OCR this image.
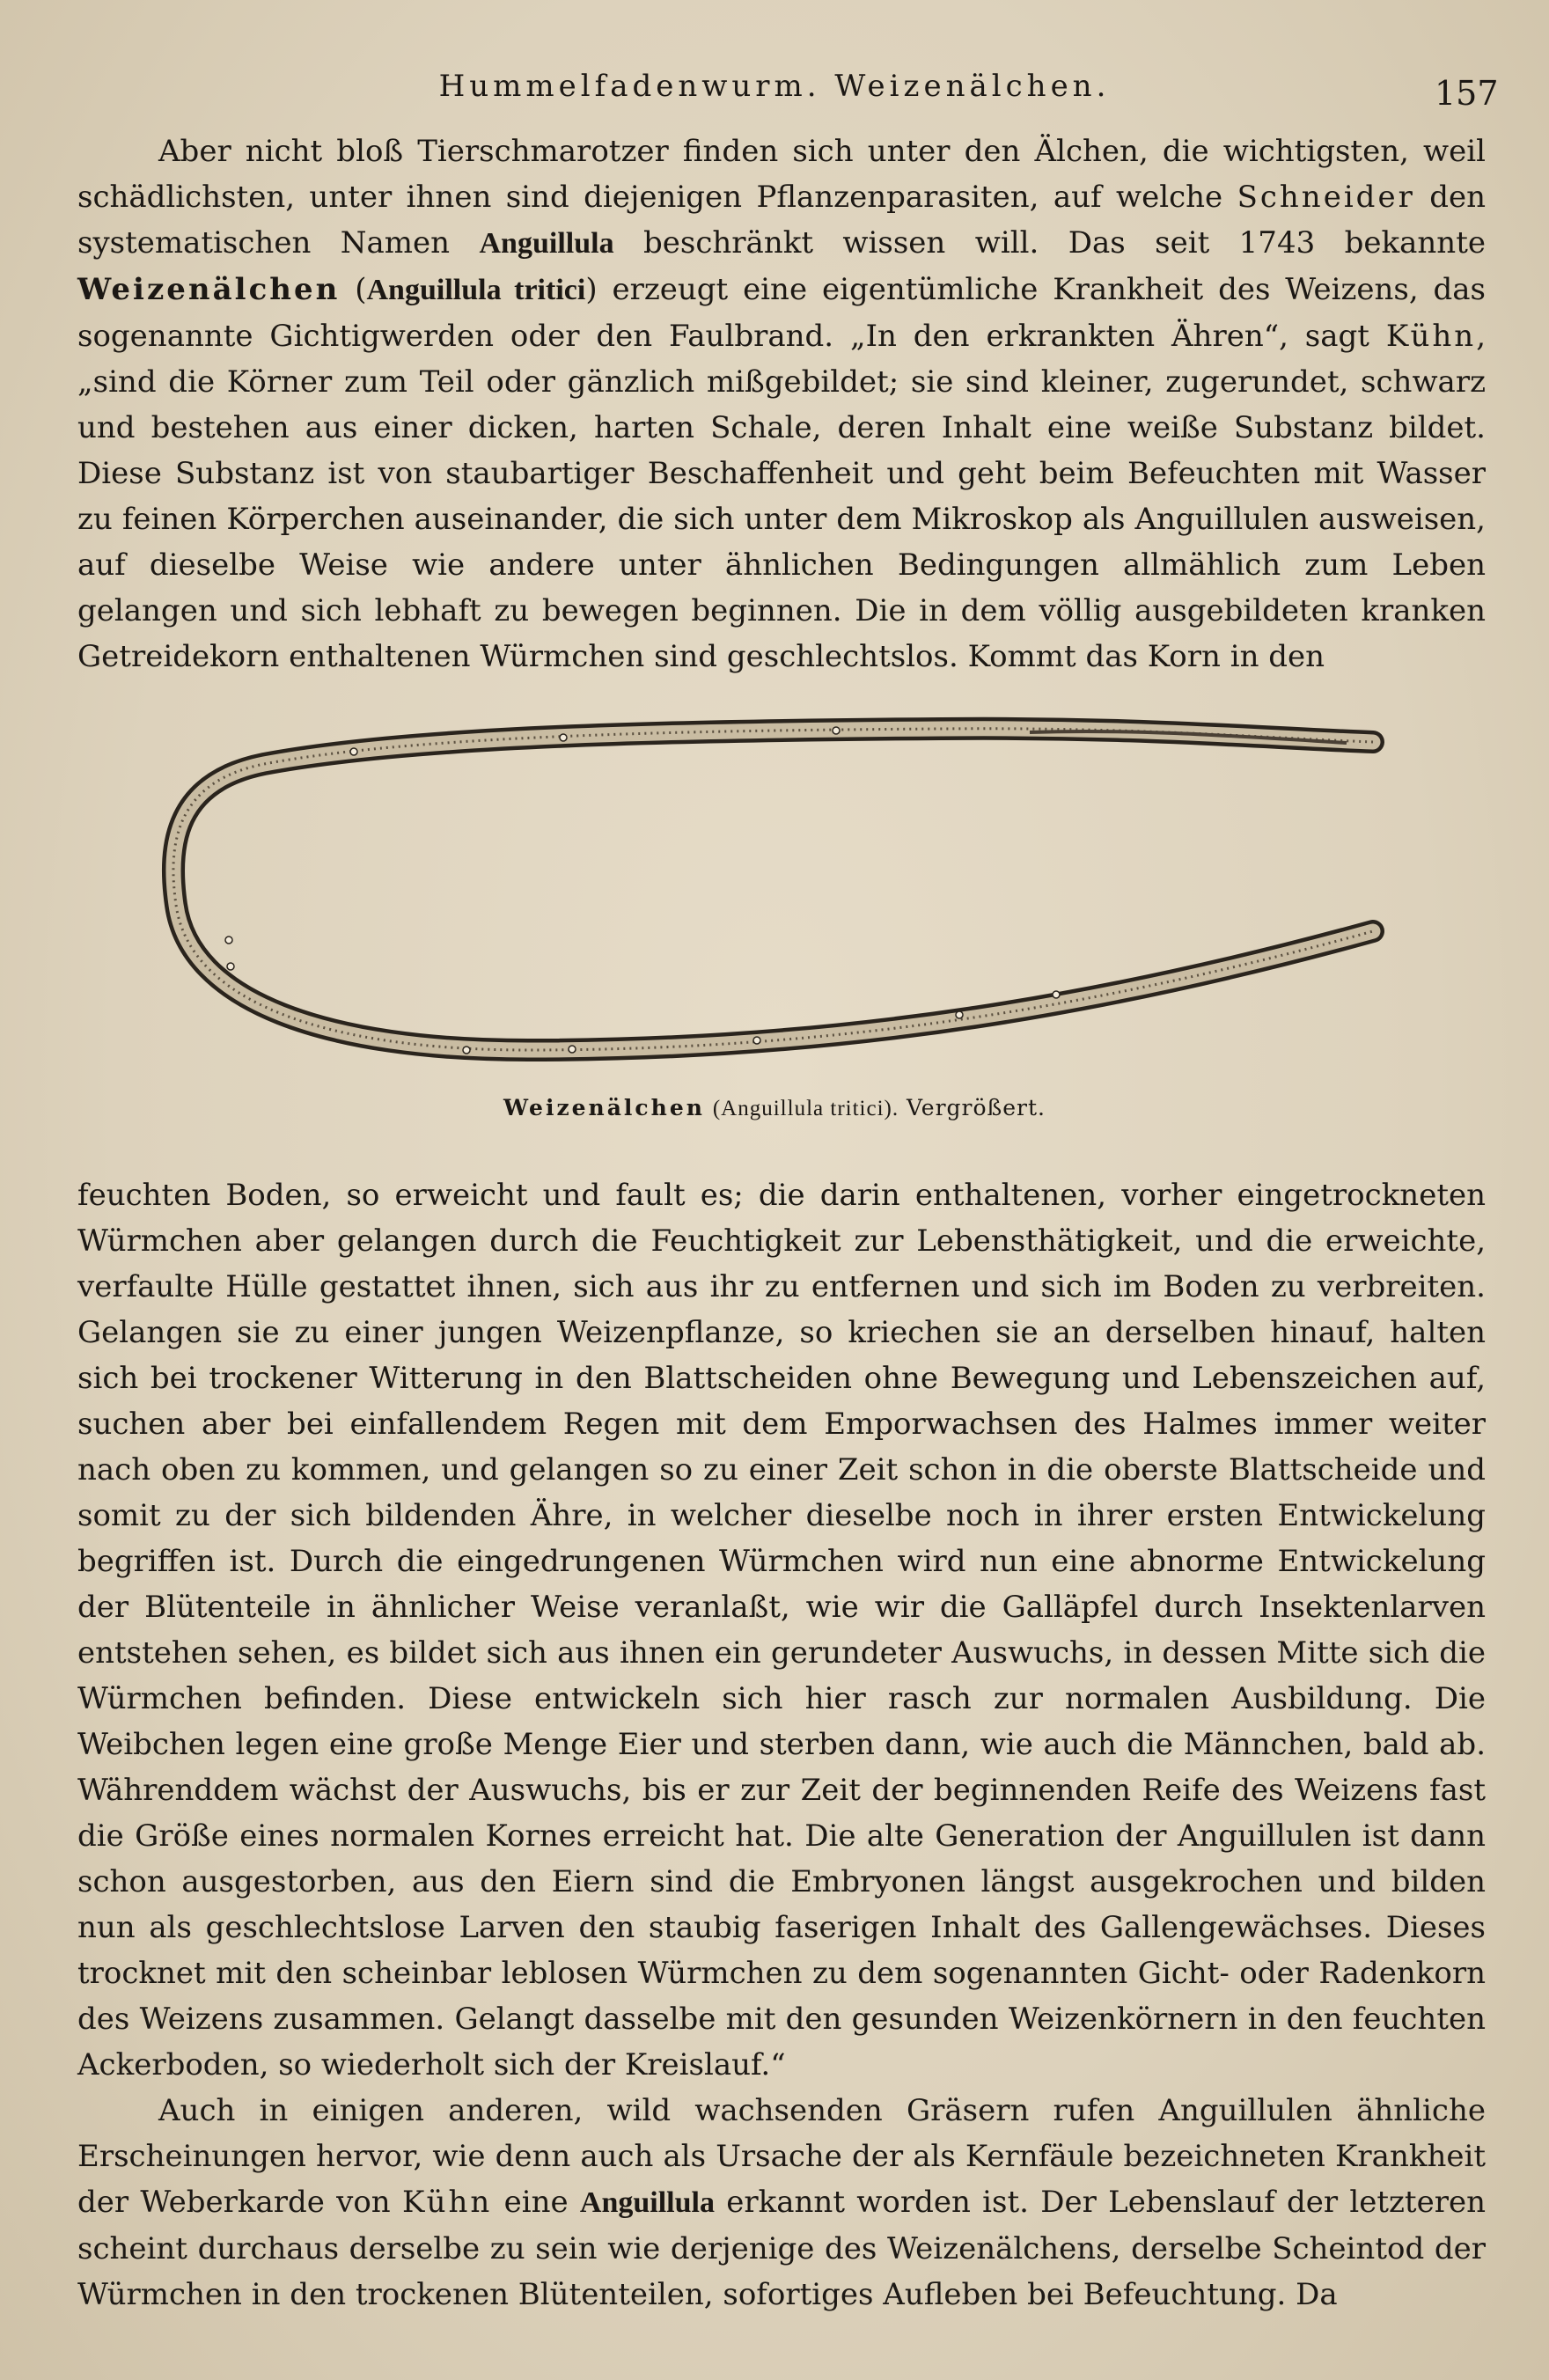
Hummelfadenwurm. Weizenälchen.	157

Aber nicht bloß Tierschmarotzer finden sich unter den Älchen, die wichtigsten, weil schädlichsten, unter ihnen sind diejenigen Pflanzenparasiten, auf welche Schneider den systematischen Namen Anguillula beschränkt wissen will. Das seit 1743 bekannte Weizenälchen (Anguillula tritici) erzeugt eine eigentümliche Krankheit des Weizens, das sogenannte Gichtigwerden oder den Faulbrand. „In den erkrankten Ähren“, sagt Kühn, „sind die Körner zum Teil oder gänzlich mißgebildet; sie sind kleiner, zugerundet, schwarz und bestehen aus einer dicken, harten Schale, deren Inhalt eine weiße Substanz bildet. Diese Substanz ist von staubartiger Beschaffenheit und geht beim Befeuchten mit Wasser zu feinen Körperchen auseinander, die sich unter dem Mikroskop als Anguillulen ausweisen, auf dieselbe Weise wie andere unter ähnlichen Bedingungen allmählich zum Leben gelangen und sich lebhaft zu bewegen beginnen. Die in dem völlig ausgebildeten kranken Getreidekorn enthaltenen Würmchen sind geschlechtslos. Kommt das Korn in den

Weizenälchen (Anguillula tritici). Vergrößert.

feuchten Boden, so erweicht und fault es; die darin enthaltenen, vorher eingetrockneten Würmchen aber gelangen durch die Feuchtigkeit zur Lebensthätigkeit, und die erweichte, verfaulte Hülle gestattet ihnen, sich aus ihr zu entfernen und sich im Boden zu verbreiten. Gelangen sie zu einer jungen Weizenpflanze, so kriechen sie an derselben hinauf, halten sich bei trockener Witterung in den Blattscheiden ohne Bewegung und Lebenszeichen auf, suchen aber bei einfallendem Regen mit dem Emporwachsen des Halmes immer weiter nach oben zu kommen, und gelangen so zu einer Zeit schon in die oberste Blattscheide und somit zu der sich bildenden Ähre, in welcher dieselbe noch in ihrer ersten Entwickelung begriffen ist. Durch die eingedrungenen Würmchen wird nun eine abnorme Entwickelung der Blütenteile in ähnlicher Weise veranlaßt, wie wir die Galläpfel durch Insektenlarven entstehen sehen, es bildet sich aus ihnen ein gerundeter Auswuchs, in dessen Mitte sich die Würmchen befinden. Diese entwickeln sich hier rasch zur normalen Ausbildung. Die Weibchen legen eine große Menge Eier und sterben dann, wie auch die Männchen, bald ab. Währenddem wächst der Auswuchs, bis er zur Zeit der beginnenden Reife des Weizens fast die Größe eines normalen Kornes erreicht hat. Die alte Generation der Anguillulen ist dann schon ausgestorben, aus den Eiern sind die Embryonen längst ausgekrochen und bilden nun als geschlechtslose Larven den staubig faserigen Inhalt des Gallengewächses. Dieses trocknet mit den scheinbar leblosen Würmchen zu dem sogenannten Gicht- oder Radenkorn des Weizens zusammen. Gelangt dasselbe mit den gesunden Weizenkörnern in den feuchten Ackerboden, so wiederholt sich der Kreislauf.“

Auch in einigen anderen, wild wachsenden Gräsern rufen Anguillulen ähnliche Erscheinungen hervor, wie denn auch als Ursache der als Kernfäule bezeichneten Krankheit der Weberkarde von Kühn eine Anguillula erkannt worden ist. Der Lebenslauf der letzteren scheint durchaus derselbe zu sein wie derjenige des Weizenälchens, derselbe Scheintod der Würmchen in den trockenen Blütenteilen, sofortiges Aufleben bei Befeuchtung. Da
